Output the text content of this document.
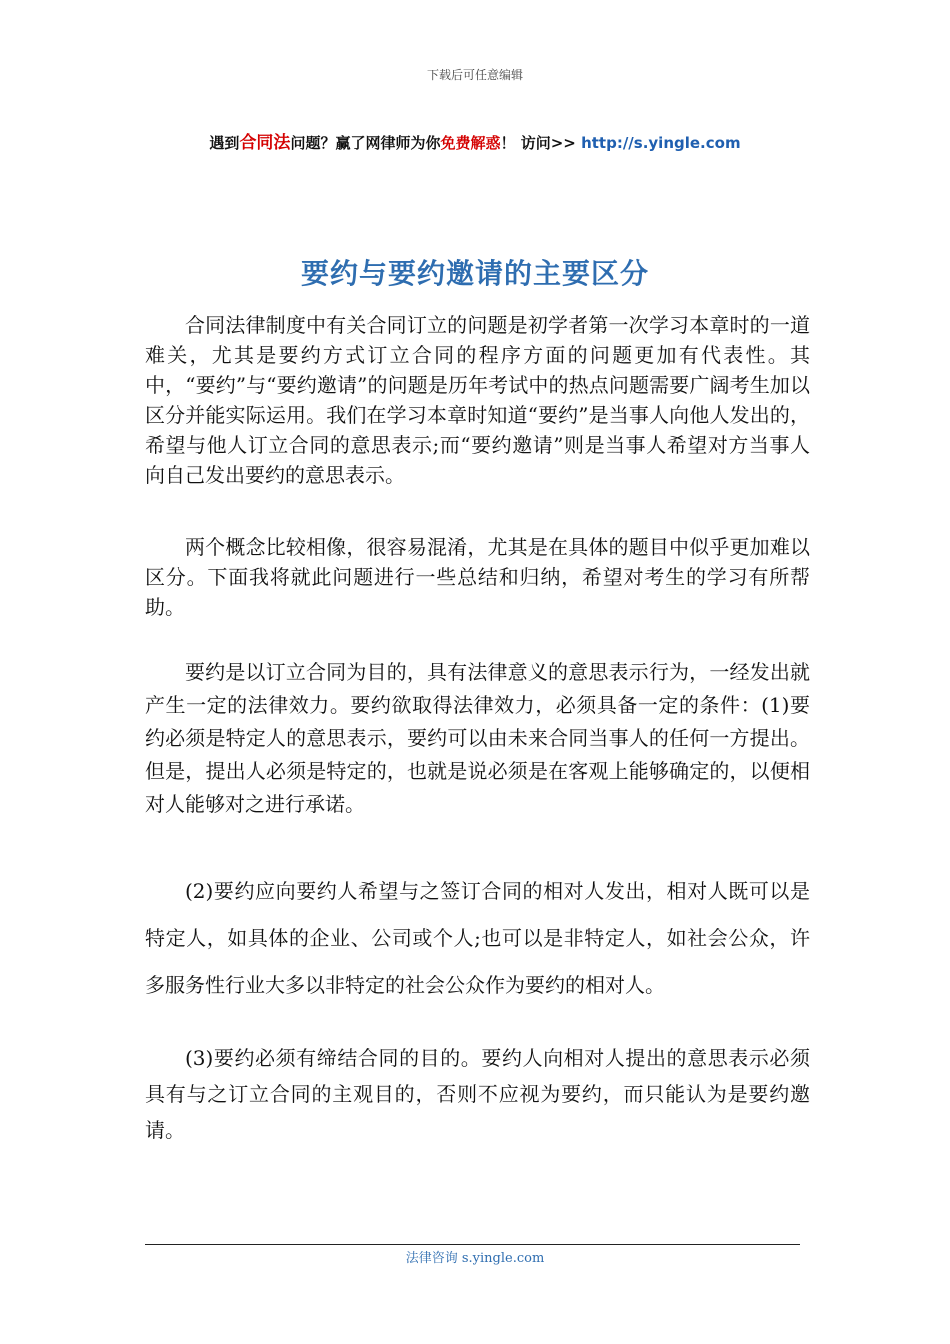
下载后可任意编辑
遇到合同法问题？赢了网律师为你免费解惑！ 访问>> http://s.yingle.com
要约与要约邀请的主要区分

合同法律制度中有关合同订立的问题是初学者第一次学习本章时的一道难关，尤其是要约方式订立合同的程序方面的问题更加有代表性。其中，“要约”与“要约邀请”的问题是历年考试中的热点问题需要广阔考生加以区分并能实际运用。我们在学习本章时知道“要约”是当事人向他人发出的，希望与他人订立合同的意思表示;而“要约邀请”则是当事人希望对方当事人向自己发出要约的意思表示。

两个概念比较相像，很容易混淆，尤其是在具体的题目中似乎更加难以区分。下面我将就此问题进行一些总结和归纳，希望对考生的学习有所帮助。

要约是以订立合同为目的，具有法律意义的意思表示行为，一经发出就产生一定的法律效力。要约欲取得法律效力，必须具备一定的条件：(1)要约必须是特定人的意思表示，要约可以由未来合同当事人的任何一方提出。但是，提出人必须是特定的，也就是说必须是在客观上能够确定的，以便相对人能够对之进行承诺。

(2)要约应向要约人希望与之签订合同的相对人发出，相对人既可以是特定人，如具体的企业、公司或个人;也可以是非特定人，如社会公众，许多服务性行业大多以非特定的社会公众作为要约的相对人。

(3)要约必须有缔结合同的目的。要约人向相对人提出的意思表示必须具有与之订立合同的主观目的，否则不应视为要约，而只能认为是要约邀请。

法律咨询 s.yingle.com
